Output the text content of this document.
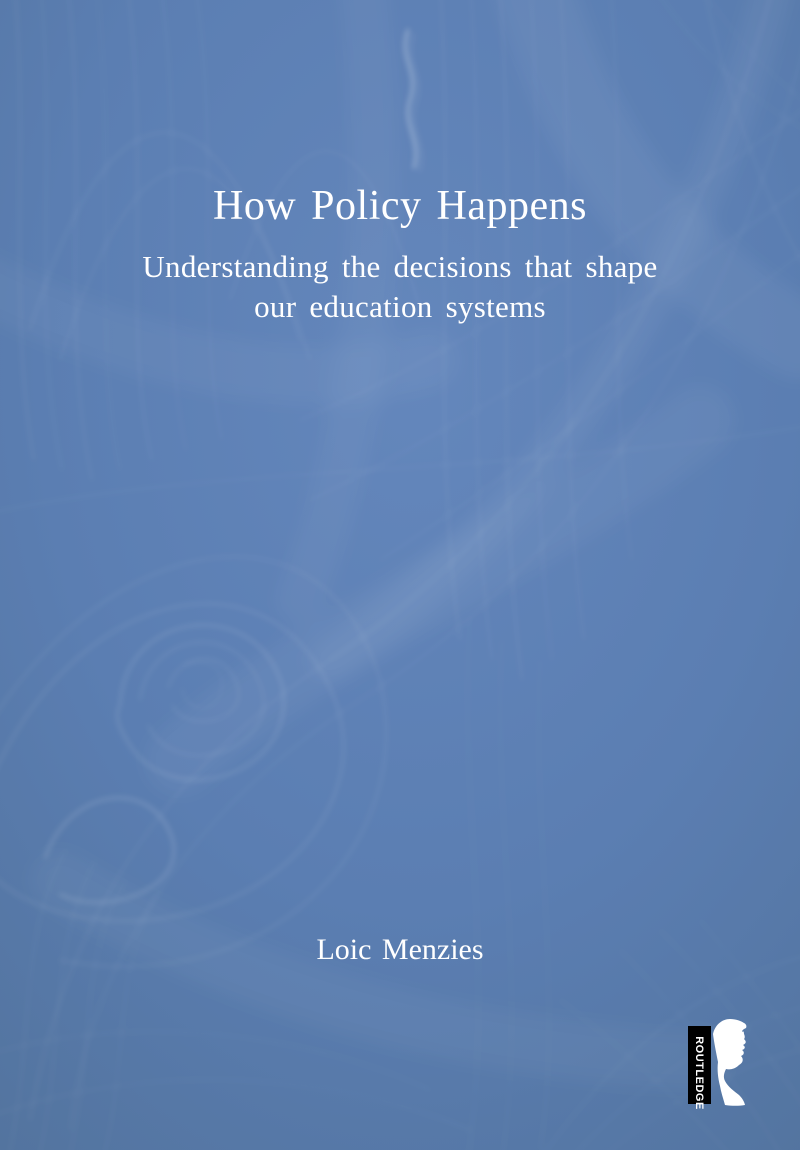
How Policy Happens
Understanding the decisions that shape
our education systems
Loic Menzies
ROUTLEDGE
